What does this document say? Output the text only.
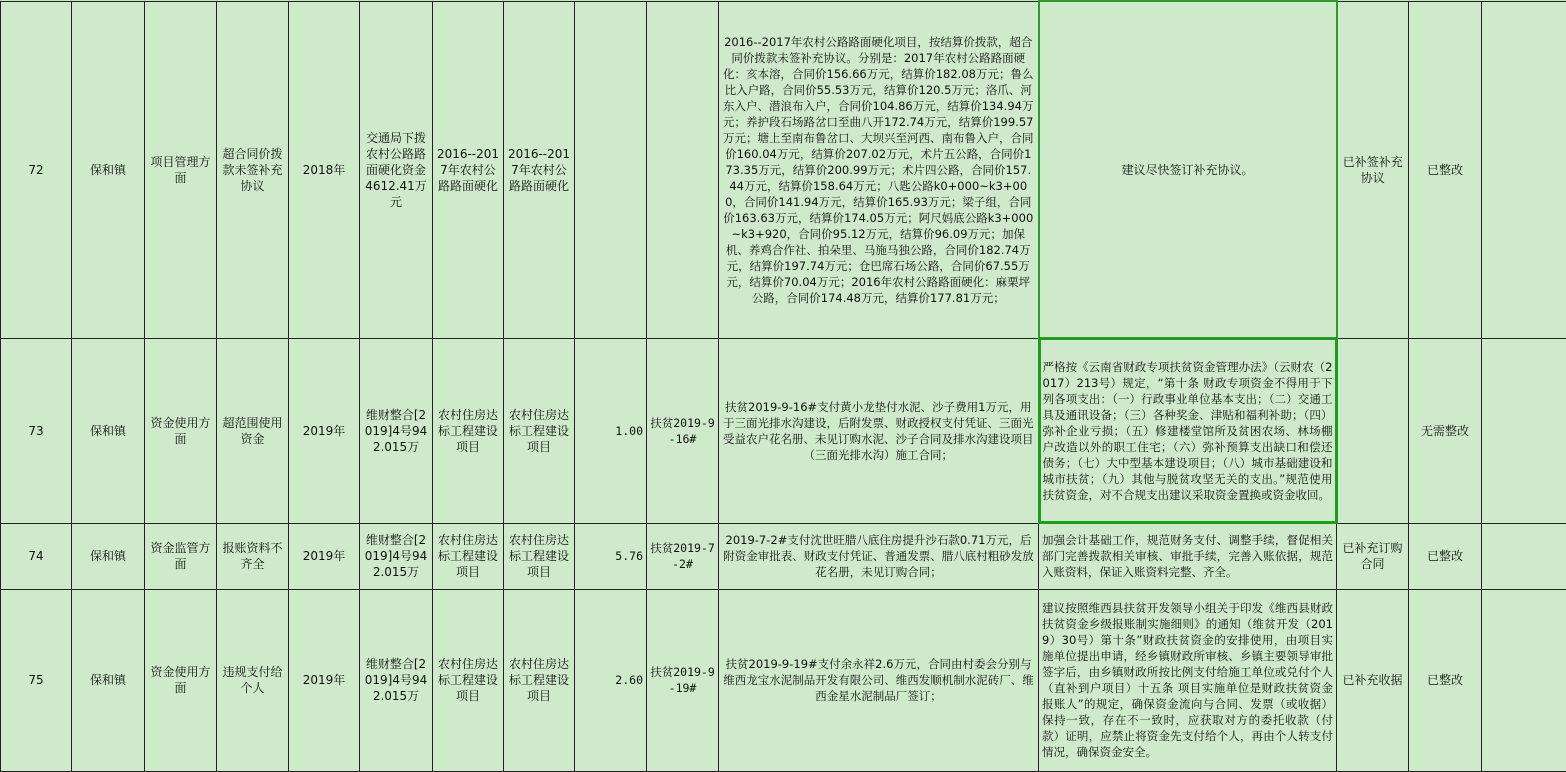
72	保和镇	项目管理方面	超合同价拨款未签补充协议	2018年	交通局下拨农村公路路面硬化资金4612.41万元	2016--2017年农村公路路面硬化	2016--2017年农村公路路面硬化			2016--2017年农村公路路面硬化项目，按结算价拨款，超合同价拨款未签补充协议。分别是：2017年农村公路路面硬化：亥本溶，合同价156.66万元，结算价182.08万元；鲁么比入户路，合同价55.53万元，结算价120.5万元；洛爪、河东入户、潜浪布入户，合同价104.86万元，结算价134.94万元；养护段石场路岔口至曲八开172.74万元，结算价199.57万元；塘上至南布鲁岔口、大坝兴至河西、南布鲁入户，合同价160.04万元，结算价207.02万元，术片五公路，合同价173.35万元，结算价200.99万元；术片四公路，合同价157.44万元，结算价158.64万元；八匙公路k0+000~k3+000，合同价141.94万元，结算价165.93万元；梁子组，合同价163.63万元，结算价174.05万元；阿尺妈底公路k3+000~k3+920，合同价95.12万元，结算价96.09万元；加保机、养鸡合作社、拍朵里、马施马独公路，合同价182.74万元，结算价197.74万元；仓巴席石场公路，合同价67.55万元，结算价70.04万元；2016年农村公路路面硬化：麻栗坪公路，合同价174.48万元，结算价177.81万元；	建议尽快签订补充协议。	已补签补充协议	已整改	
73	保和镇	资金使用方面	超范围使用资金	2019年	维财整合[2019]4号942.015万	农村住房达标工程建设项目	农村住房达标工程建设项目	1.00	扶贫2019-9-16#	扶贫2019-9-16#支付黄小龙垫付水泥、沙子费用1万元，用于三面光排水沟建设，后附发票、财政授权支付凭证、三面光受益农户花名册、未见订购水泥、沙子合同及排水沟建设项目（三面光排水沟）施工合同；	严格按《云南省财政专项扶贫资金管理办法》（云财农（2017）213号）规定，“第十条 财政专项资金不得用于下列各项支出：（一）行政事业单位基本支出；（二）交通工具及通讯设备；（三）各种奖金、津贴和福利补助；（四）弥补企业亏损；（五）修建楼堂馆所及贫困农场、林场棚户改造以外的职工住宅；（六）弥补预算支出缺口和偿还债务；（七）大中型基本建设项目；（八）城市基础建设和城市扶贫；（九）其他与脱贫攻坚无关的支出。”规范使用扶贫资金，对不合规支出建议采取资金置换或资金收回。		无需整改	
74	保和镇	资金监管方面	报账资料不齐全	2019年	维财整合[2019]4号942.015万	农村住房达标工程建设项目	农村住房达标工程建设项目	5.76	扶贫2019-7-2#	2019-7-2#支付沈世旺腊八底住房提升沙石款0.71万元，后附资金审批表、财政支付凭证、普通发票、腊八底村粗砂发放花名册，未见订购合同；	加强会计基础工作，规范财务支付、调整手续，督促相关部门完善拨款相关审核、审批手续，完善入账依据，规范入账资料，保证入账资料完整、齐全。	已补充订购合同	已整改	
75	保和镇	资金使用方面	违规支付给个人	2019年	维财整合[2019]4号942.015万	农村住房达标工程建设项目	农村住房达标工程建设项目	2.60	扶贫2019-9-19#	扶贫2019-9-19#支付余永祥2.6万元，合同由村委会分别与维西龙宝水泥制品开发有限公司、维西发顺机制水泥砖厂、维西金星水泥制品厂签订；	建议按照维西县扶贫开发领导小组关于印发《维西县财政扶贫资金乡级报账制实施细则》的通知（维贫开发（2019）30号）第十条”财政扶贫资金的安排使用，由项目实施单位提出申请，经乡镇财政所审核、乡镇主要领导审批签字后，由乡镇财政所按比例支付给施工单位或兑付个人（直补到户项目）十五条 项目实施单位是财政扶贫资金报账人”的规定，确保资金流向与合同、发票（或收据）保持一致，存在不一致时，应获取对方的委托收款（付款）证明，应禁止将资金先支付给个人，再由个人转支付情况，确保资金安全。	已补充收据	已整改	
